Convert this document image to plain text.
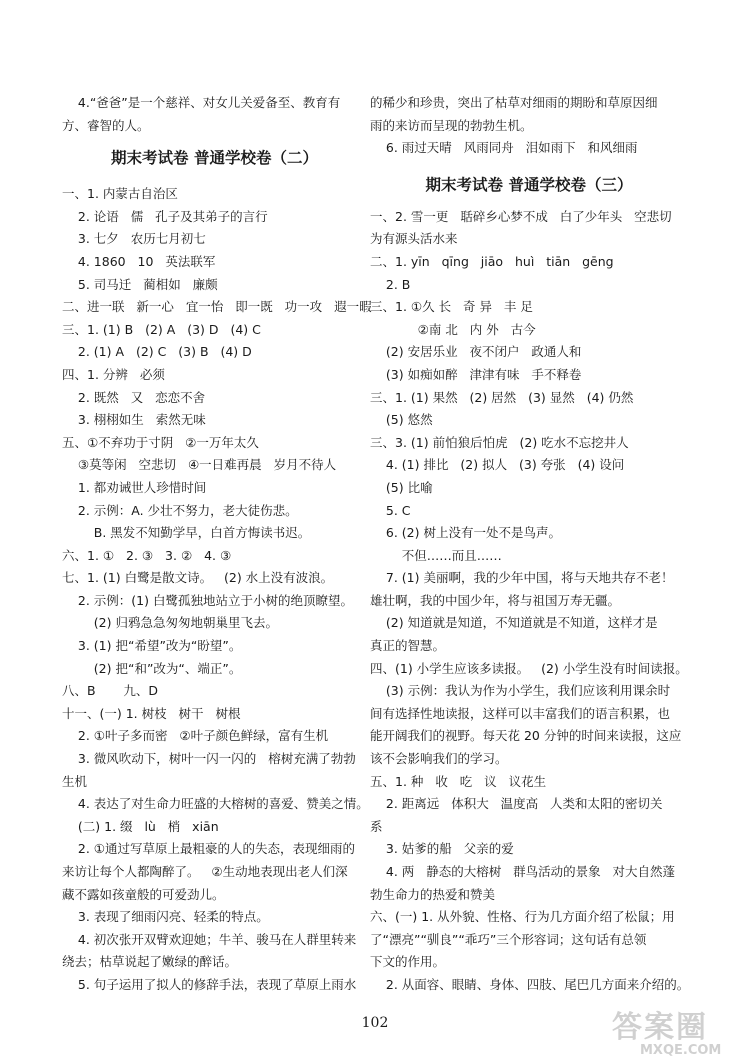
4.“爸爸”是一个慈祥、对女儿关爱备至、教育有
方、睿智的人。
期末考试卷 普通学校卷（二）
一、1. 内蒙古自治区
2. 论语   儒   孔子及其弟子的言行
3. 七夕   农历七月初七
4. 1860   10   英法联军
5. 司马迁   蔺相如   廉颇
二、进一联   新一心   宜一怡   即一既   功一攻   遐一暇
三、1. (1) B   (2) A   (3) D   (4) C
2. (1) A   (2) C   (3) B   (4) D
四、1. 分辨   必须
2. 既然   又   恋恋不舍
3. 栩栩如生   索然无味
五、①不弃功于寸阴   ②一万年太久
③莫等闲   空悲切   ④一日难再晨   岁月不待人
1. 都劝诫世人珍惜时间
2. 示例：A. 少壮不努力，老大徒伤悲。
B. 黑发不知勤学早，白首方悔读书迟。
六、1. ①   2. ③   3. ②   4. ③
七、1. (1) 白鹭是散文诗。   (2) 水上没有波浪。
2. 示例：(1) 白鹭孤独地站立于小树的绝顶瞭望。
(2) 归鸦急急匆匆地朝巢里飞去。
3. (1) 把“希望”改为“盼望”。
(2) 把“和”改为“、端正”。
八、B       九、D
十一、(一) 1. 树枝   树干   树根
2. ①叶子多而密   ②叶子颜色鲜绿，富有生机
3. 微风吹动下，树叶一闪一闪的   榕树充满了勃勃
生机
4. 表达了对生命力旺盛的大榕树的喜爱、赞美之情。
(二) 1. 缀   lù   梢   xiān
2. ①通过写草原上最粗豪的人的失态，表现细雨的
来访让每个人都陶醉了。   ②生动地表现出老人们深
藏不露如孩童般的可爱劲儿。
3. 表现了细雨闪亮、轻柔的特点。
4. 初次张开双臂欢迎她；牛羊、骏马在人群里转来
绕去；枯草说起了嫩绿的醉话。
5. 句子运用了拟人的修辞手法，表现了草原上雨水
的稀少和珍贵，突出了枯草对细雨的期盼和草原因细
雨的来访而呈现的勃勃生机。
6. 雨过天晴   风雨同舟   泪如雨下   和风细雨
期末考试卷 普通学校卷（三）
一、2. 雪一更   聒碎乡心梦不成   白了少年头   空悲切
为有源头活水来
二、1. yīn   qīng   jiāo   huì   tiān   gēng
2. B
三、1. ①久 长   奇 异   丰 足
②南 北   内 外   古今
(2) 安居乐业   夜不闭户   政通人和
(3) 如痴如醉   津津有味   手不释卷
三、1. (1) 果然   (2) 居然   (3) 显然   (4) 仍然
(5) 悠然
三、3. (1) 前怕狼后怕虎   (2) 吃水不忘挖井人
4. (1) 排比   (2) 拟人   (3) 夸张   (4) 设问
(5) 比喻
5. C
6. (2) 树上没有一处不是鸟声。
不但……而且……
7. (1) 美丽啊，我的少年中国，将与天地共存不老！
雄壮啊，我的中国少年，将与祖国万寿无疆。
(2) 知道就是知道，不知道就是不知道，这样才是
真正的智慧。
四、(1) 小学生应该多读报。   (2) 小学生没有时间读报。
(3) 示例：我认为作为小学生，我们应该利用课余时
间有选择性地读报，这样可以丰富我们的语言积累，也
能开阔我们的视野。每天花 20 分钟的时间来读报，这应
该不会影响我们的学习。
五、1. 种   收   吃   议   议花生
2. 距离远   体积大   温度高   人类和太阳的密切关
系
3. 姑爹的船   父亲的爱
4. 两   静态的大榕树   群鸟活动的景象   对大自然蓬
勃生命力的热爱和赞美
六、(一) 1. 从外貌、性格、行为几方面介绍了松鼠；用
了“漂亮”“驯良”“乖巧”三个形容词；这句话有总领
下文的作用。
2. 从面容、眼睛、身体、四肢、尾巴几方面来介绍的。
102	答案圈
MXQE.COM
